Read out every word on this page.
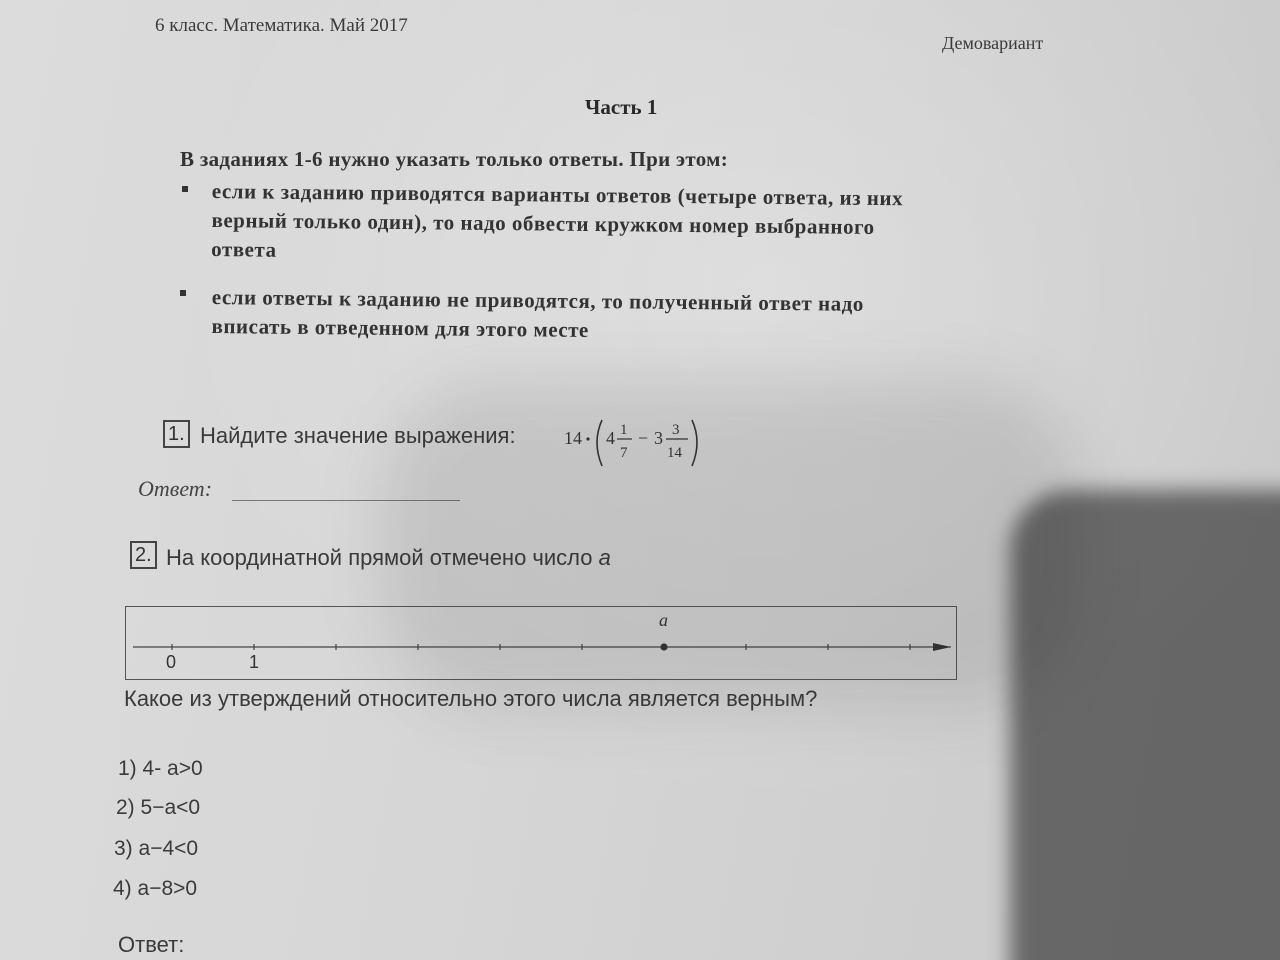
6 класс. Математика. Май 2017
Демовариант
Часть 1
В заданиях 1-6 нужно указать только ответы. При этом:
если к заданию приводятся варианты ответов (четыре ответа, из них
верный только один), то надо обвести кружком номер выбранного
ответа
если ответы к заданию не приводятся, то полученный ответ надо
вписать в отведенном для этого месте
1. Найдите значение выражения:	14 4 1
7
− 3 3
14
Ответ:
2. На координатной прямой отмечено число a
a
0	1
Какое из утверждений относительно этого числа является верным?
1) 4- a>0
2) 5−a<0
3) a−4<0
4) a−8>0
Ответ:
